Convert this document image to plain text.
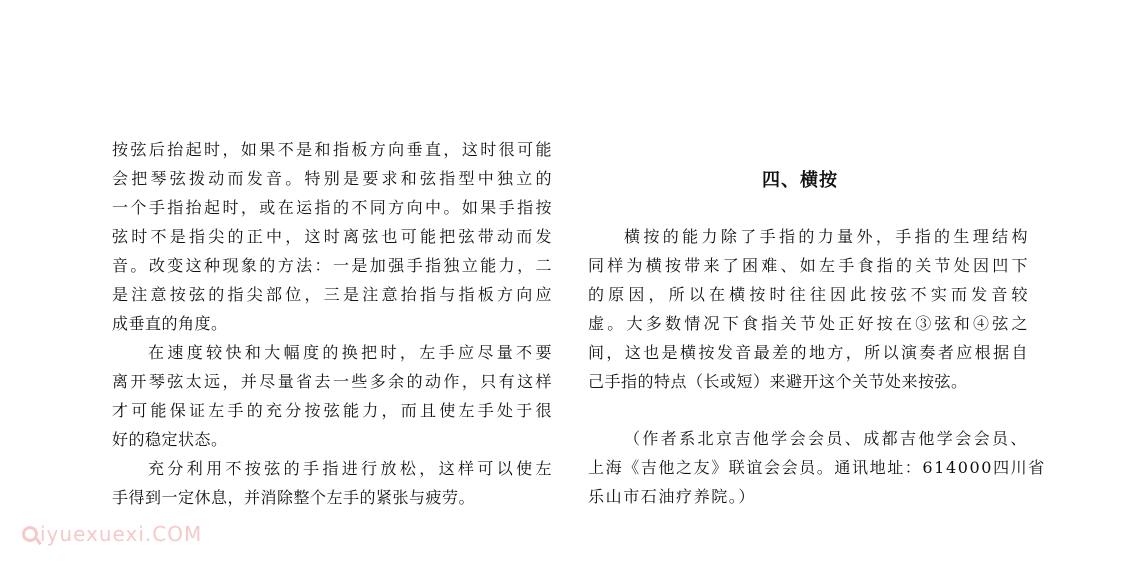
按弦后抬起时，如果不是和指板方向垂直，这时很可能
会把琴弦拨动而发音。特别是要求和弦指型中独立的
一个手指抬起时，或在运指的不同方向中。如果手指按
弦时不是指尖的正中，这时离弦也可能把弦带动而发
音。改变这种现象的方法：一是加强手指独立能力，二
是注意按弦的指尖部位，三是注意抬指与指板方向应
成垂直的角度。
在速度较快和大幅度的换把时，左手应尽量不要
离开琴弦太远，并尽量省去一些多余的动作，只有这样
才可能保证左手的充分按弦能力，而且使左手处于很
好的稳定状态。
充分利用不按弦的手指进行放松，这样可以使左
手得到一定休息，并消除整个左手的紧张与疲劳。
四、横按
横按的能力除了手指的力量外，手指的生理结构
同样为横按带来了困难、如左手食指的关节处因凹下
的原因，所以在横按时往往因此按弦不实而发音较
虚。大多数情况下食指关节处正好按在③弦和④弦之
间，这也是横按发音最差的地方，所以演奏者应根据自
己手指的特点（长或短）来避开这个关节处来按弦。
（作者系北京吉他学会会员、成都吉他学会会员、
上海《吉他之友》联谊会会员。通讯地址：614000四川省
乐山市石油疗养院。）
iyuexuexi.COM
